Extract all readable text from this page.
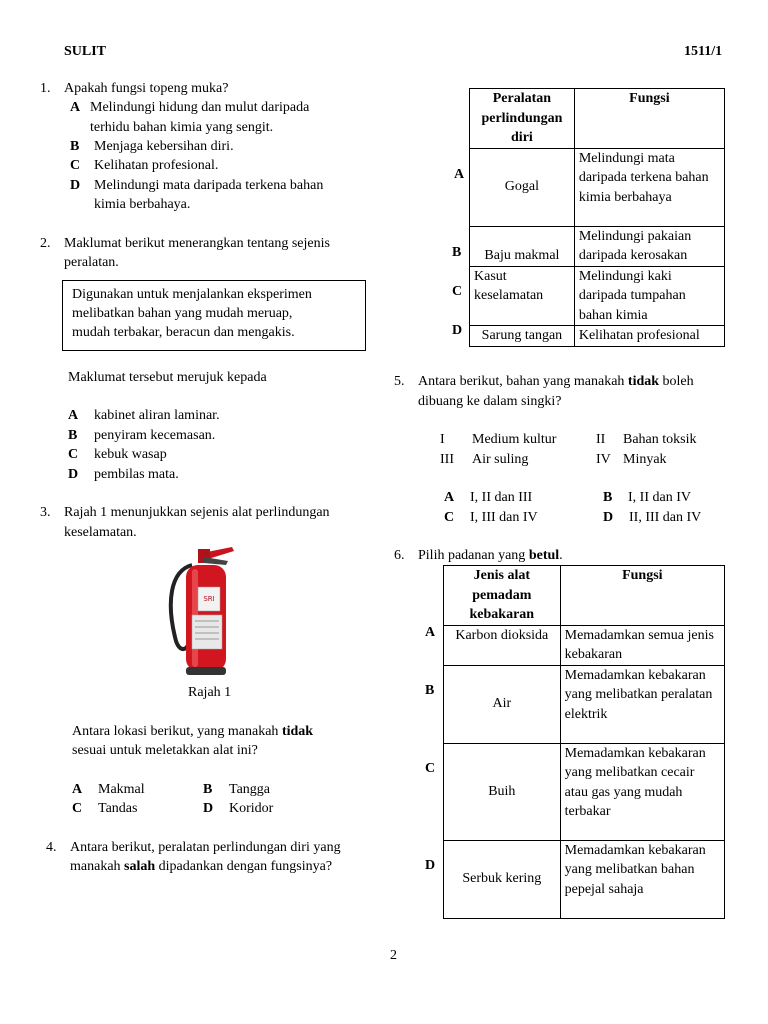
SULIT	1511/1
1. Apakah fungsi topeng muka?
A Melindungi hidung dan mulut daripada
terhidu bahan kimia yang sengit.
B Menjaga kebersihan diri.
C Kelihatan profesional.
D Melindungi mata daripada terkena bahan
kimia berbahaya.
2. Maklumat berikut menerangkan tentang sejenis
peralatan.
Digunakan untuk menjalankan eksperimen
melibatkan bahan yang mudah meruap,
mudah terbakar, beracun dan mengakis.
Maklumat tersebut merujuk kepada
A kabinet aliran laminar.
B penyiram kecemasan.
C kebuk wasap
D pembilas mata.
3. Rajah 1 menunjukkan sejenis alat perlindungan
keselamatan.
SRI
Rajah 1
Antara lokasi berikut, yang manakah tidak
sesuai untuk meletakkan alat ini?
A Makmal	B Tangga
C Tandas	D Koridor
4. Antara berikut, peralatan perlindungan diri yang
manakah salah dipadankan dengan fungsinya?
A
B
C
D
Peralatan perlindungan diri	Fungsi
Gogal	Melindungi mata daripada terkena bahan kimia berbahaya
Baju makmal	Melindungi pakaian daripada kerosakan
Kasut keselamatan	Melindungi kaki daripada tumpahan bahan kimia
Sarung tangan	Kelihatan profesional
5. Antara berikut, bahan yang manakah tidak boleh
dibuang ke dalam singki?
I Medium kultur	II Bahan toksik
III Air suling	IV Minyak
A I, II dan III	B I, II dan IV
C I, III dan IV	D II, III dan IV
6. Pilih padanan yang betul.
A
B
C
D
Jenis alat pemadam kebakaran	Fungsi
Karbon dioksida	Memadamkan semua jenis kebakaran
Air	Memadamkan kebakaran yang melibatkan peralatan elektrik
Buih	Memadamkan kebakaran yang melibatkan cecair atau gas yang mudah terbakar
Serbuk kering	Memadamkan kebakaran yang melibatkan bahan pepejal sahaja
2
